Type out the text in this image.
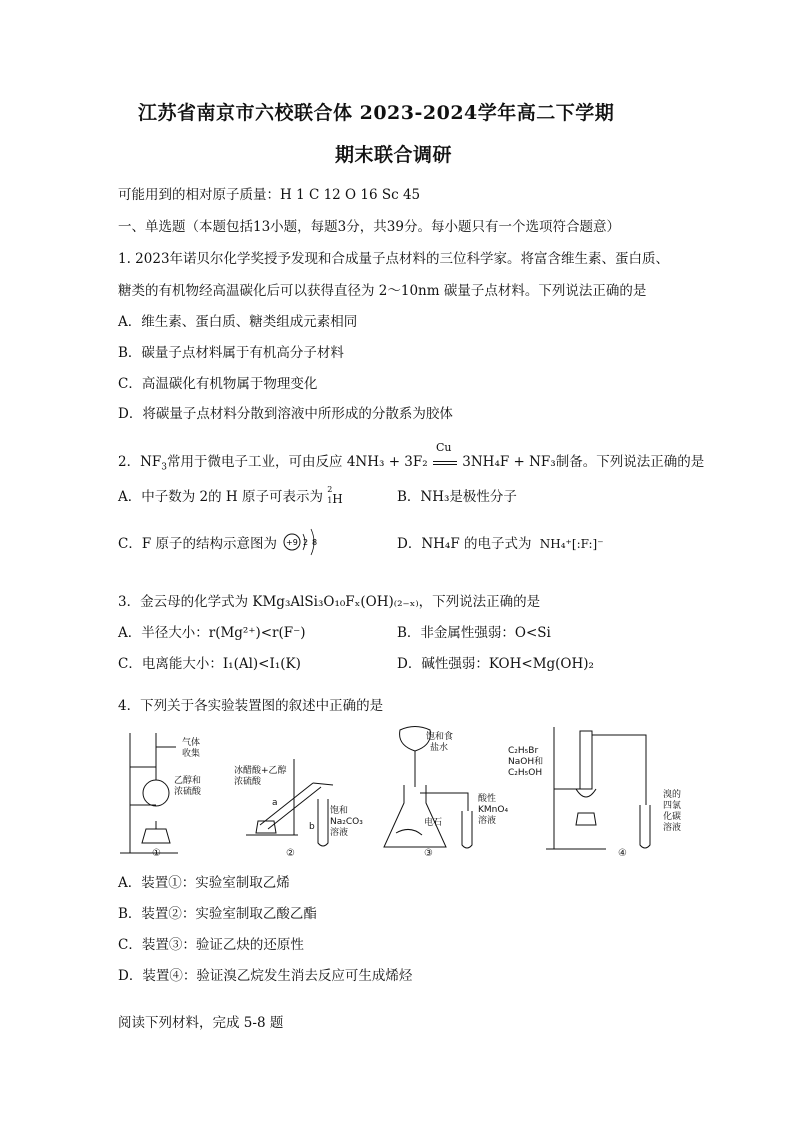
江苏省南京市六校联合体 2023-2024学年高二下学期
期末联合调研
可能用到的相对原子质量：H 1 C 12 O 16 Sc 45
一、单选题（本题包括13小题，每题3分，共39分。每小题只有一个选项符合题意）
1. 2023年诺贝尔化学奖授予发现和合成量子点材料的三位科学家。将富含维生素、蛋白质、
糖类的有机物经高温碳化后可以获得直径为 2～10nm 碳量子点材料。下列说法正确的是
A．维生素、蛋白质、糖类组成元素相同
B．碳量子点材料属于有机高分子材料
C．高温碳化有机物属于物理变化
D．将碳量子点材料分散到溶液中所形成的分散系为胶体
2．$NF_3$常用于微电子工业，可由反应 4NH₃ + 3F₂
Cu
3NH₄F + NF₃制备。下列说法正确的是
A．中子数为 2的 H 原子可表示为 2
1 H	B．NH₃是极性分子
C．F 原子的结构示意图为 +9 2 8	D．NH₄F 的电子式为 NH₄⁺[:F:]⁻
3．金云母的化学式为 KMg₃AlSi₃O₁₀Fₓ(OH)₍₂₋ₓ₎，下列说法正确的是
A．半径大小：r(Mg²⁺)<r(F⁻)	B．非金属性强弱：O<Si
C．电离能大小：I₁(Al)<I₁(K)	D．碱性强弱：KOH<Mg(OH)₂
4．下列关于各实验装置图的叙述中正确的是
气体
收集
乙醇和
浓硫酸
①
冰醋酸+乙醇
浓硫酸
a
b
饱和
Na₂CO₃
溶液
②
饱和食
盐水
电石
酸性
KMnO₄
溶液
③
C₂H₅Br
NaOH和
C₂H₅OH
溴的
四氯
化碳
溶液
④
A．装置①：实验室制取乙烯
B．装置②：实验室制取乙酸乙酯
C．装置③：验证乙炔的还原性
D．装置④：验证溴乙烷发生消去反应可生成烯烃
阅读下列材料，完成 5-8 题
